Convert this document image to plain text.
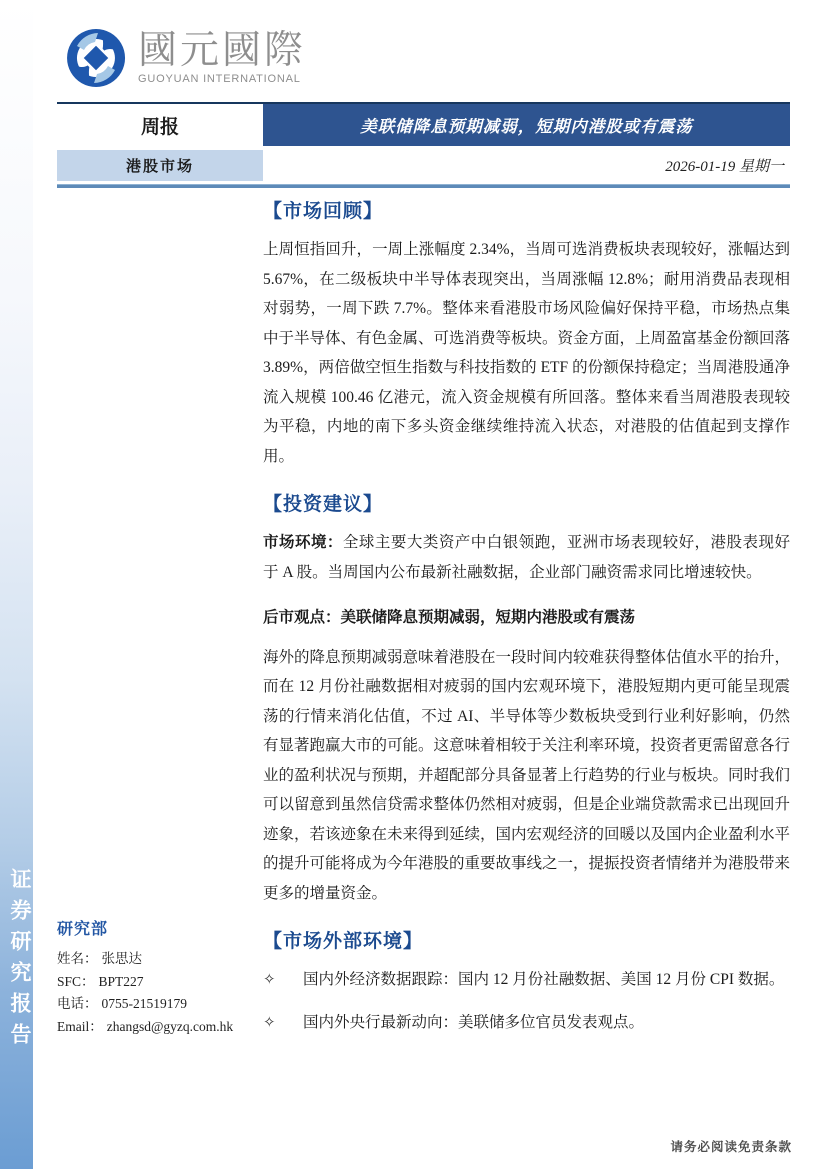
证券研究报告
國元國際
GUOYUAN INTERNATIONAL
周报	美联储降息预期减弱，短期内港股或有震荡
港股市场	2026-01-19 星期一
【市场回顾】

上周恒指回升，一周上涨幅度 2.34%，当周可选消费板块表现较好，涨幅达到 5.67%，在二级板块中半导体表现突出，当周涨幅 12.8%；耐用消费品表现相对弱势，一周下跌 7.7%。整体来看港股市场风险偏好保持平稳，市场热点集中于半导体、有色金属、可选消费等板块。资金方面，上周盈富基金份额回落 3.89%，两倍做空恒生指数与科技指数的 ETF 的份额保持稳定；当周港股通净流入规模 100.46 亿港元，流入资金规模有所回落。整体来看当周港股表现较为平稳，内地的南下多头资金继续维持流入状态，对港股的估值起到支撑作用。

【投资建议】

市场环境：全球主要大类资产中白银领跑，亚洲市场表现较好，港股表现好于 A 股。当周国内公布最新社融数据，企业部门融资需求同比增速较快。

后市观点：美联储降息预期减弱，短期内港股或有震荡

海外的降息预期减弱意味着港股在一段时间内较难获得整体估值水平的抬升，而在 12 月份社融数据相对疲弱的国内宏观环境下，港股短期内更可能呈现震荡的行情来消化估值，不过 AI、半导体等少数板块受到行业利好影响，仍然有显著跑赢大市的可能。这意味着相较于关注利率环境，投资者更需留意各行业的盈利状况与预期，并超配部分具备显著上行趋势的行业与板块。同时我们可以留意到虽然信贷需求整体仍然相对疲弱，但是企业端贷款需求已出现回升迹象，若该迹象在未来得到延续，国内宏观经济的回暖以及国内企业盈利水平的提升可能将成为今年港股的重要故事线之一，提振投资者情绪并为港股带来更多的增量资金。

【市场外部环境】
✧	国内外经济数据跟踪：国内 12 月份社融数据、美国 12 月份 CPI 数据。
✧	国内外央行最新动向：美联储多位官员发表观点。
研究部
姓名： 张思达
SFC： BPT227
电话： 0755-21519179
Email： zhangsd@gyzq.com.hk
请务必阅读免责条款
